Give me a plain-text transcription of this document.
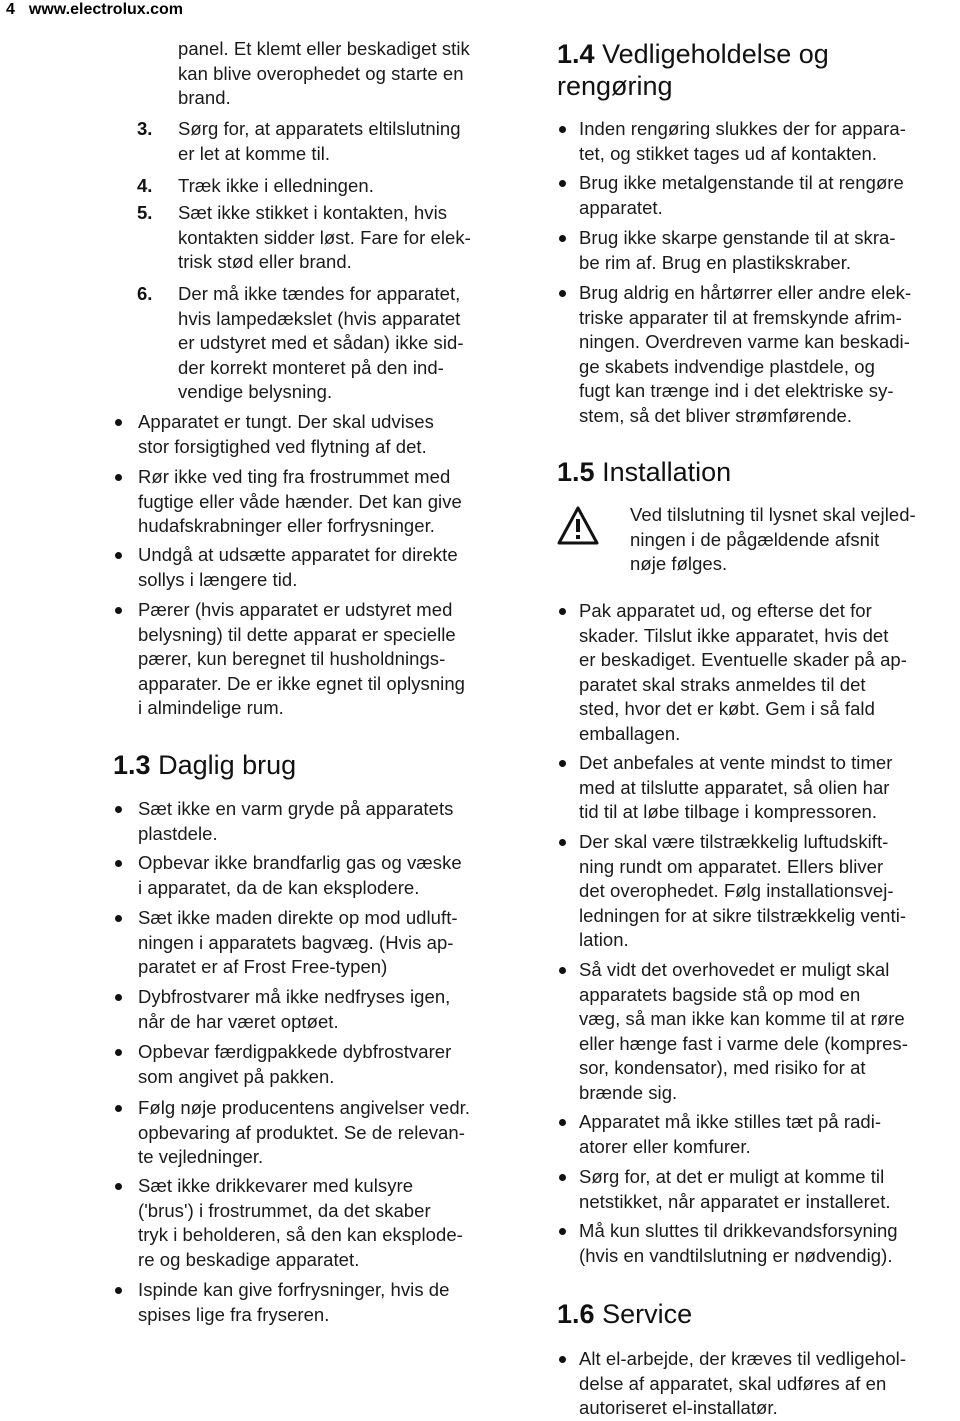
4 www.electrolux.com
panel. Et klemt eller beskadiget stik
kan blive overophedet og starte en
brand.
3. Sørg for, at apparatets eltilslutning
er let at komme til.
4. Træk ikke i elledningen.
5. Sæt ikke stikket i kontakten, hvis
kontakten sidder løst. Fare for elek-
trisk stød eller brand.
6. Der må ikke tændes for apparatet,
hvis lampedækslet (hvis apparatet
er udstyret med et sådan) ikke sid-
der korrekt monteret på den ind-
vendige belysning.
Apparatet er tungt. Der skal udvises
stor forsigtighed ved flytning af det.
Rør ikke ved ting fra frostrummet med
fugtige eller våde hænder. Det kan give
hudafskrabninger eller forfrysninger.
Undgå at udsætte apparatet for direkte
sollys i længere tid.
Pærer (hvis apparatet er udstyret med
belysning) til dette apparat er specielle
pærer, kun beregnet til husholdnings-
apparater. De er ikke egnet til oplysning
i almindelige rum.
1.3 Daglig brug
Sæt ikke en varm gryde på apparatets
plastdele.
Opbevar ikke brandfarlig gas og væske
i apparatet, da de kan eksplodere.
Sæt ikke maden direkte op mod udluft-
ningen i apparatets bagvæg. (Hvis ap-
paratet er af Frost Free-typen)
Dybfrostvarer må ikke nedfryses igen,
når de har været optøet.
Opbevar færdigpakkede dybfrostvarer
som angivet på pakken.
Følg nøje producentens angivelser vedr.
opbevaring af produktet. Se de relevan-
te vejledninger.
Sæt ikke drikkevarer med kulsyre
('brus') i frostrummet, da det skaber
tryk i beholderen, så den kan eksplode-
re og beskadige apparatet.
Ispinde kan give forfrysninger, hvis de
spises lige fra fryseren.
1.4 Vedligeholdelse og
rengøring
Inden rengøring slukkes der for appara-
tet, og stikket tages ud af kontakten.
Brug ikke metalgenstande til at rengøre
apparatet.
Brug ikke skarpe genstande til at skra-
be rim af. Brug en plastikskraber.
Brug aldrig en hårtørrer eller andre elek-
triske apparater til at fremskynde afrim-
ningen. Overdreven varme kan beskadi-
ge skabets indvendige plastdele, og
fugt kan trænge ind i det elektriske sy-
stem, så det bliver strømførende.
1.5 Installation
Ved tilslutning til lysnet skal vejled-
ningen i de pågældende afsnit
nøje følges.
Pak apparatet ud, og efterse det for
skader. Tilslut ikke apparatet, hvis det
er beskadiget. Eventuelle skader på ap-
paratet skal straks anmeldes til det
sted, hvor det er købt. Gem i så fald
emballagen.
Det anbefales at vente mindst to timer
med at tilslutte apparatet, så olien har
tid til at løbe tilbage i kompressoren.
Der skal være tilstrækkelig luftudskift-
ning rundt om apparatet. Ellers bliver
det overophedet. Følg installationsvej-
ledningen for at sikre tilstrækkelig venti-
lation.
Så vidt det overhovedet er muligt skal
apparatets bagside stå op mod en
væg, så man ikke kan komme til at røre
eller hænge fast i varme dele (kompres-
sor, kondensator), med risiko for at
brænde sig.
Apparatet må ikke stilles tæt på radi-
atorer eller komfurer.
Sørg for, at det er muligt at komme til
netstikket, når apparatet er installeret.
Må kun sluttes til drikkevandsforsyning
(hvis en vandtilslutning er nødvendig).
1.6 Service
Alt el-arbejde, der kræves til vedligehol-
delse af apparatet, skal udføres af en
autoriseret el-installatør.
